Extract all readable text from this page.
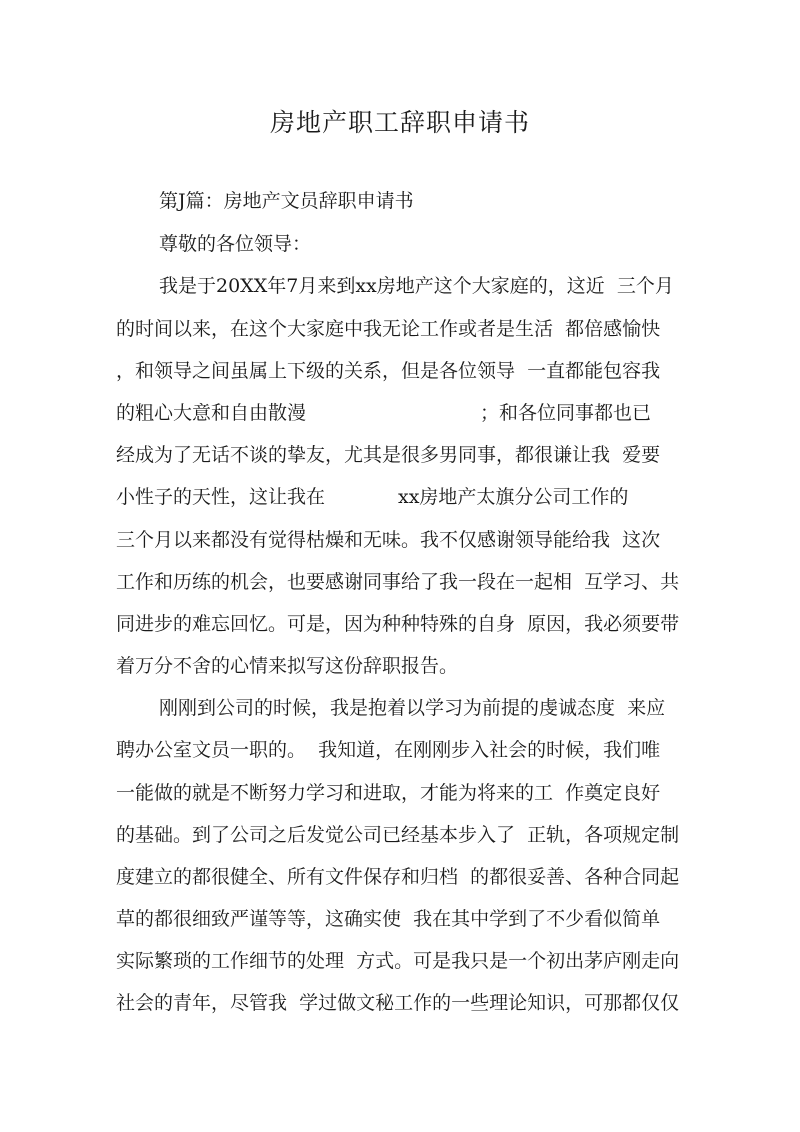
房地产职工辞职申请书

第J篇：房地产文员辞职申请书

尊敬的各位领导：

我是于20XX年7月来到xx房地产这个大家庭的，这近  三个月

的时间以来，在这个大家庭中我无论工作或者是生活  都倍感愉快

，和领导之间虽属上下级的关系，但是各位领导  一直都能包容我

的粗心大意和自由散漫	；和各位同事都也已

经成为了无话不谈的挚友，尤其是很多男同事，都很谦让我  爱要

小性子的天性，这让我在	xx房地产太旗分公司工作的

三个月以来都没有觉得枯燥和无味。我不仅感谢领导能给我  这次

工作和历练的机会，也要感谢同事给了我一段在一起相  互学习、共

同进步的难忘回忆。可是，因为种种特殊的自身  原因，我必须要带

着万分不舍的心情来拟写这份辞职报告。

刚刚到公司的时候，我是抱着以学习为前提的虔诚态度  来应

聘办公室文员一职的。  我知道，在刚刚步入社会的时候，我们唯

一能做的就是不断努力学习和进取，才能为将来的工  作奠定良好

的基础。到了公司之后发觉公司已经基本步入了  正轨，各项规定制

度建立的都很健全、所有文件保存和归档  的都很妥善、各种合同起

草的都很细致严谨等等，这确实使  我在其中学到了不少看似简单

实际繁琐的工作细节的处理  方式。可是我只是一个初出茅庐刚走向

社会的青年，尽管我  学过做文秘工作的一些理论知识，可那都仅仅
